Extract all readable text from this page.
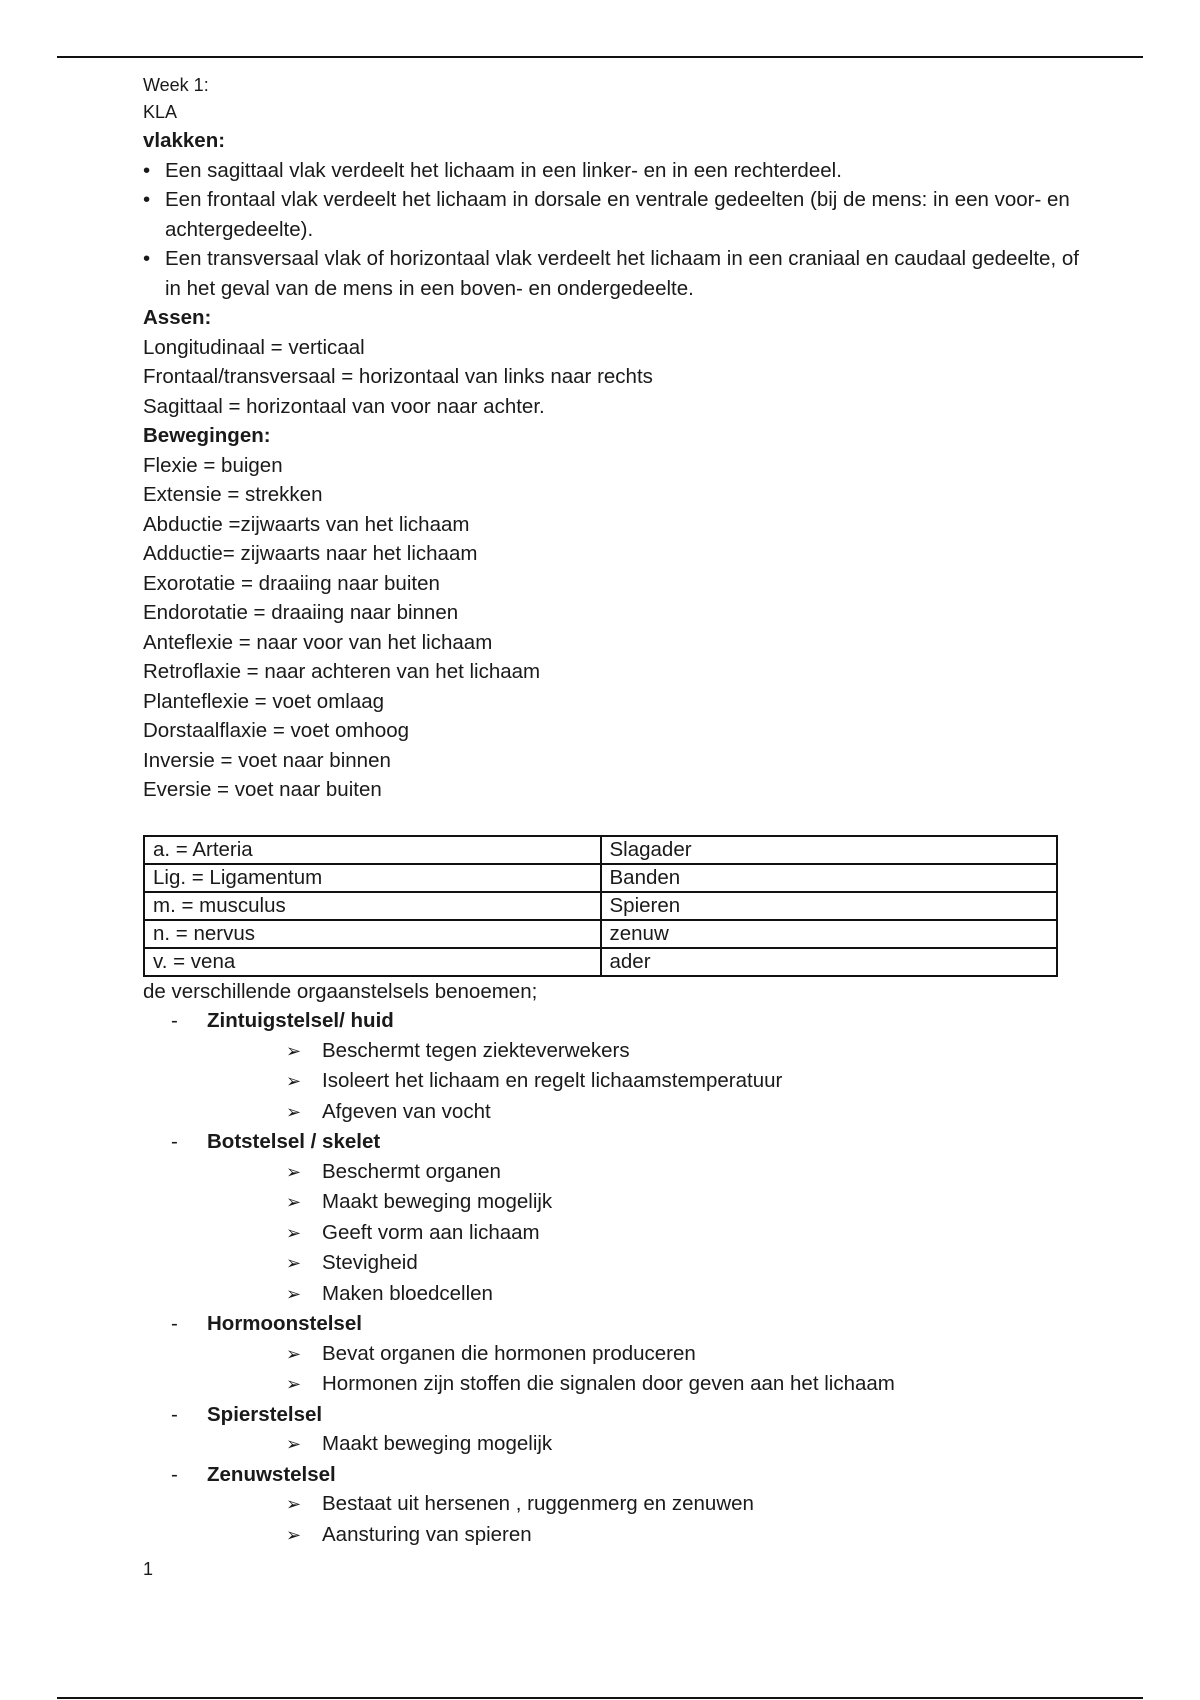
Week 1:
KLA
vlakken:
• Een sagittaal vlak verdeelt het lichaam in een linker- en in een rechterdeel.
• Een frontaal vlak verdeelt het lichaam in dorsale en ventrale gedeelten (bij de mens: in een voor- en achtergedeelte).
• Een transversaal vlak of horizontaal vlak verdeelt het lichaam in een craniaal en caudaal gedeelte, of in het geval van de mens in een boven- en ondergedeelte.
Assen:
Longitudinaal = verticaal
Frontaal/transversaal = horizontaal van links naar rechts
Sagittaal = horizontaal van voor naar achter.
Bewegingen:
Flexie = buigen
Extensie = strekken
Abductie =zijwaarts van het lichaam
Adductie= zijwaarts naar het lichaam
Exorotatie = draaiing naar buiten
Endorotatie = draaiing naar binnen
Anteflexie = naar voor van het lichaam
Retroflaxie = naar achteren van het lichaam
Planteflexie = voet omlaag
Dorstaalflaxie = voet omhoog
Inversie = voet naar binnen
Eversie = voet naar buiten
a. = Arteria	Slagader
Lig. = Ligamentum	Banden
m. = musculus	Spieren
n. = nervus	zenuw
v. = vena	ader
de verschillende orgaanstelsels benoemen;
- Zintuigstelsel/ huid
➢ Beschermt tegen ziekteverwekers
➢ Isoleert het lichaam en regelt lichaamstemperatuur
➢ Afgeven van vocht
- Botstelsel / skelet
➢ Beschermt organen
➢ Maakt beweging mogelijk
➢ Geeft vorm aan lichaam
➢ Stevigheid
➢ Maken bloedcellen
- Hormoonstelsel
➢ Bevat organen die hormonen produceren
➢ Hormonen zijn stoffen die signalen door geven aan het lichaam
- Spierstelsel
➢ Maakt beweging mogelijk
- Zenuwstelsel
➢ Bestaat uit hersenen , ruggenmerg en zenuwen
➢ Aansturing van spieren
1
